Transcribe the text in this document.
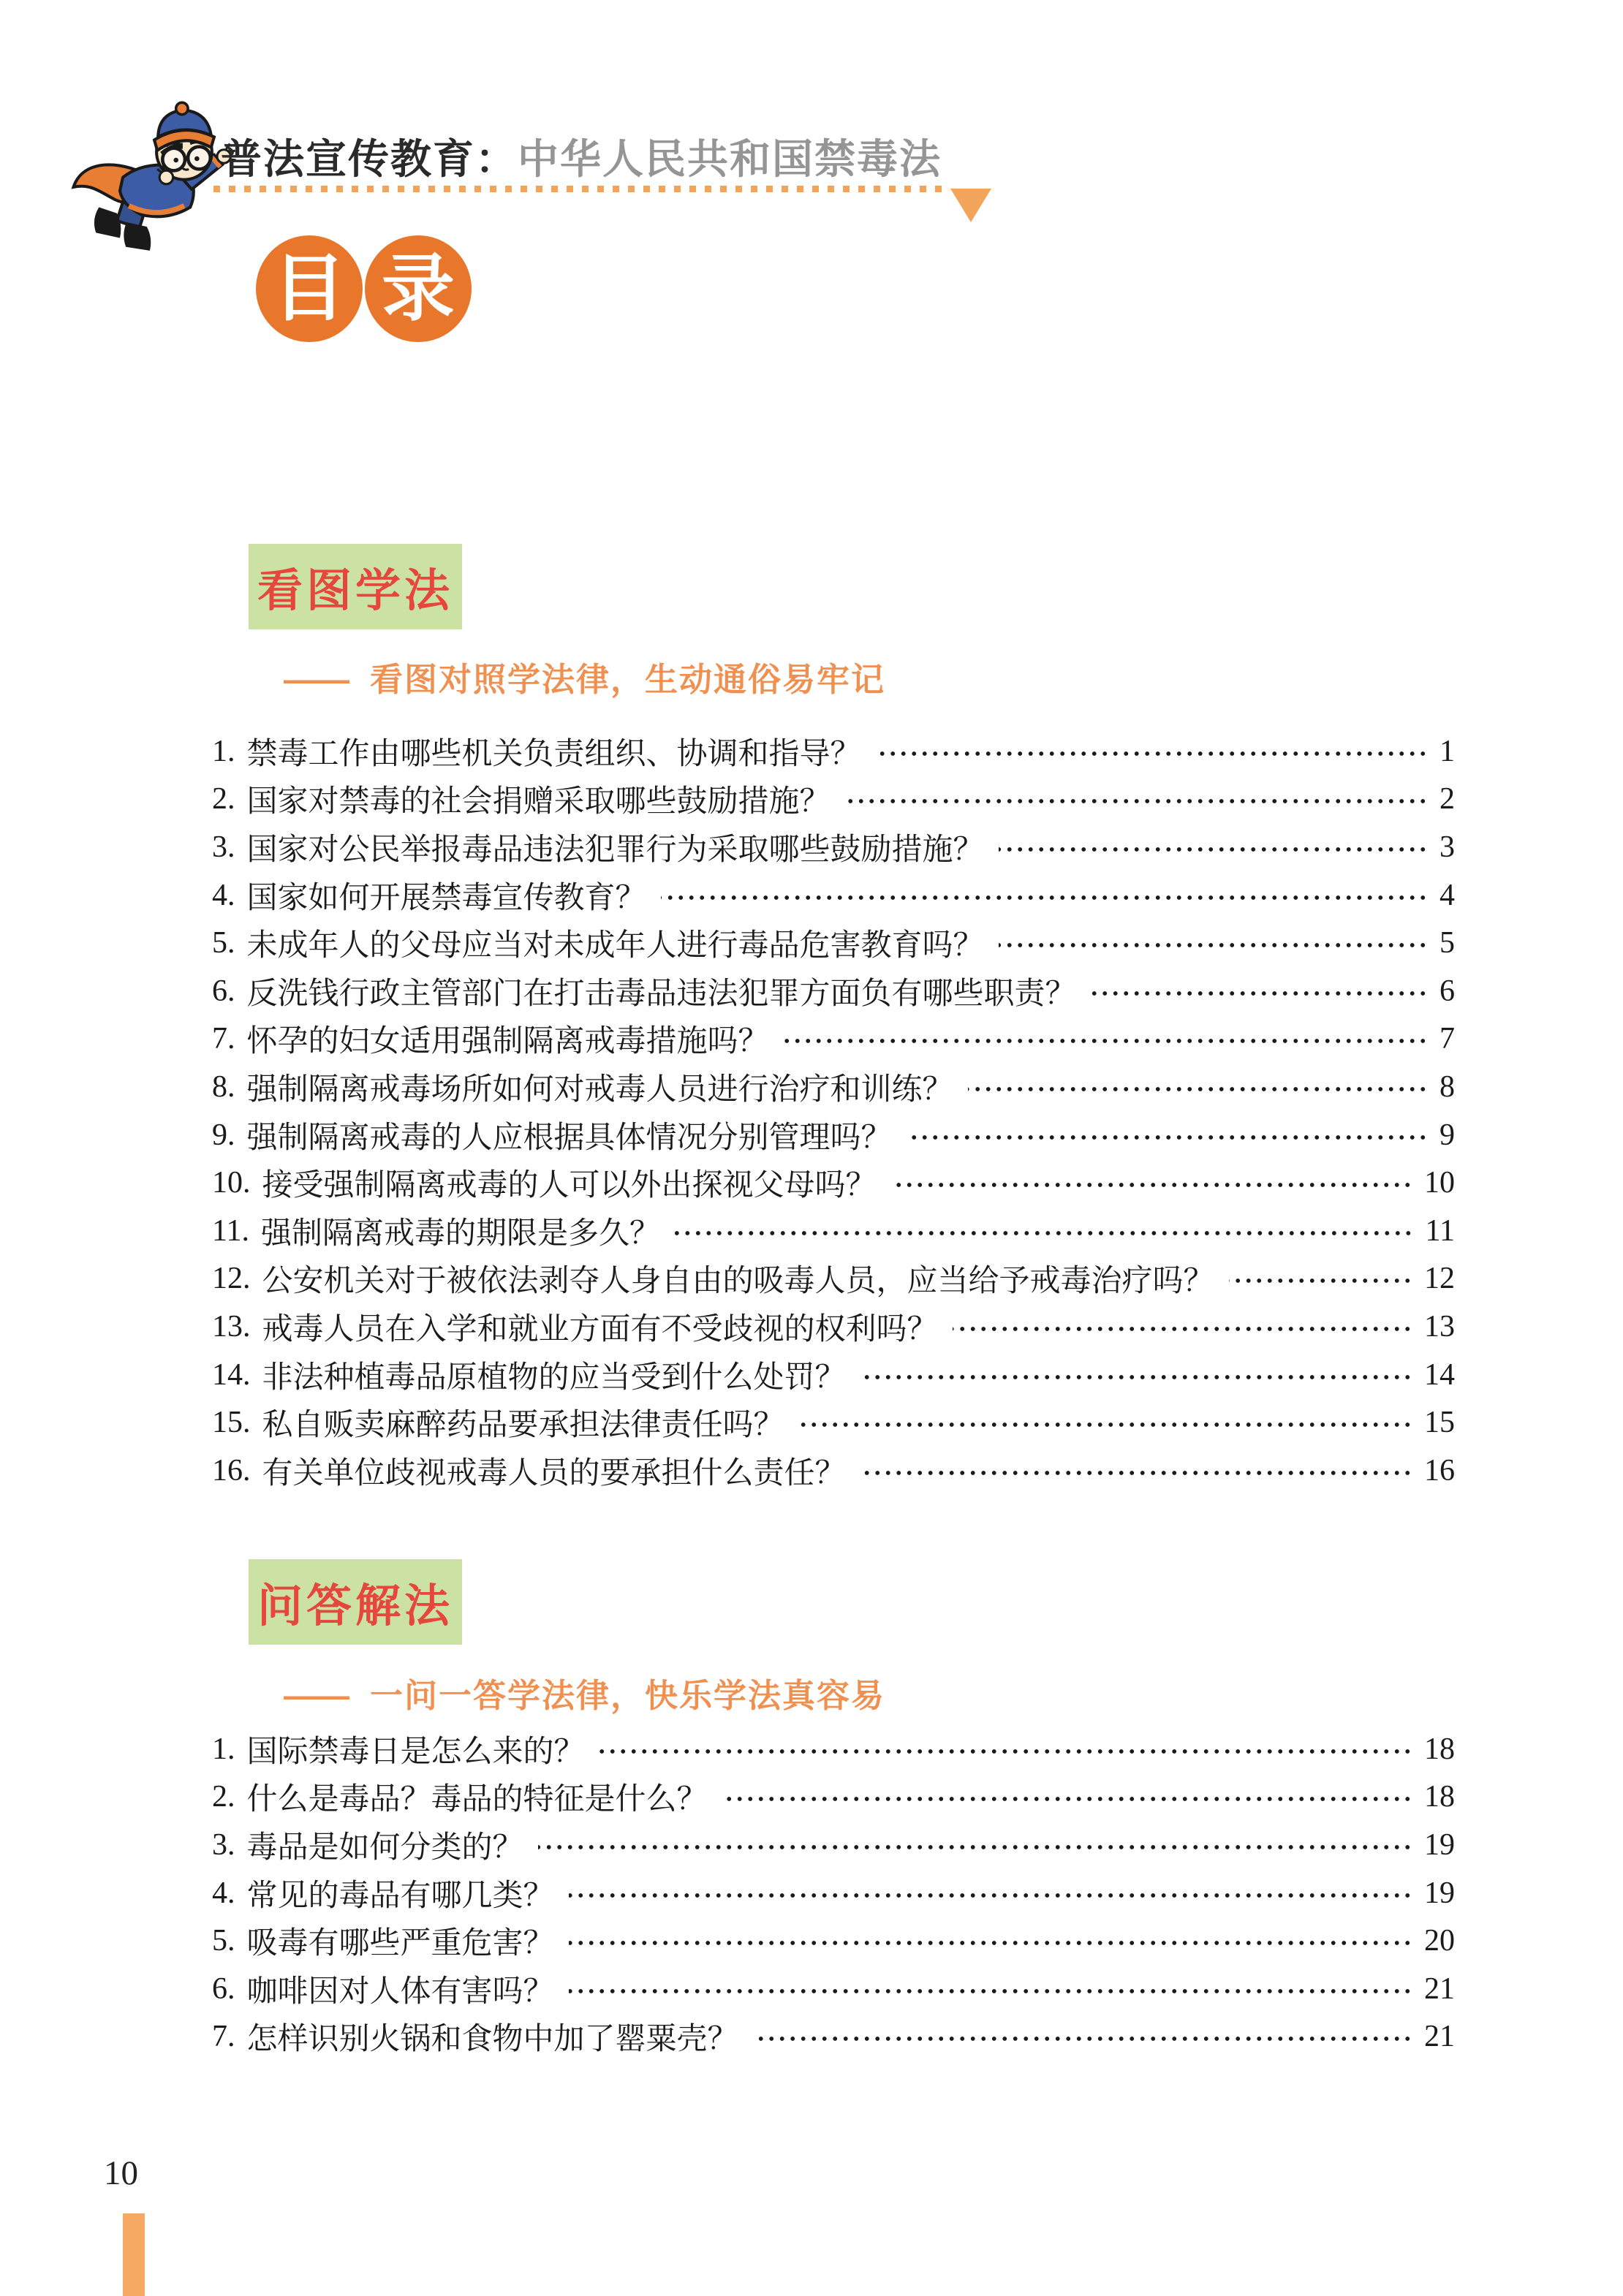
普法宣传教育：中华人民共和国禁毒法
目 录
看图学法
—— 看图对照学法律，生动通俗易牢记
1. 禁毒工作由哪些机关负责组织、协调和指导？	1
2. 国家对禁毒的社会捐赠采取哪些鼓励措施？	2
3. 国家对公民举报毒品违法犯罪行为采取哪些鼓励措施？	3
4. 国家如何开展禁毒宣传教育？	4
5. 未成年人的父母应当对未成年人进行毒品危害教育吗？	5
6. 反洗钱行政主管部门在打击毒品违法犯罪方面负有哪些职责？	6
7. 怀孕的妇女适用强制隔离戒毒措施吗？	7
8. 强制隔离戒毒场所如何对戒毒人员进行治疗和训练？	8
9. 强制隔离戒毒的人应根据具体情况分别管理吗？	9
10. 接受强制隔离戒毒的人可以外出探视父母吗？	10
11. 强制隔离戒毒的期限是多久？	11
12. 公安机关对于被依法剥夺人身自由的吸毒人员，应当给予戒毒治疗吗？	12
13. 戒毒人员在入学和就业方面有不受歧视的权利吗？	13
14. 非法种植毒品原植物的应当受到什么处罚？	14
15. 私自贩卖麻醉药品要承担法律责任吗？	15
16. 有关单位歧视戒毒人员的要承担什么责任？	16
问答解法
—— 一问一答学法律，快乐学法真容易
1. 国际禁毒日是怎么来的？	18
2. 什么是毒品？毒品的特征是什么？	18
3. 毒品是如何分类的？	19
4. 常见的毒品有哪几类？	19
5. 吸毒有哪些严重危害？	20
6. 咖啡因对人体有害吗？	21
7. 怎样识别火锅和食物中加了罂粟壳？	21
10
